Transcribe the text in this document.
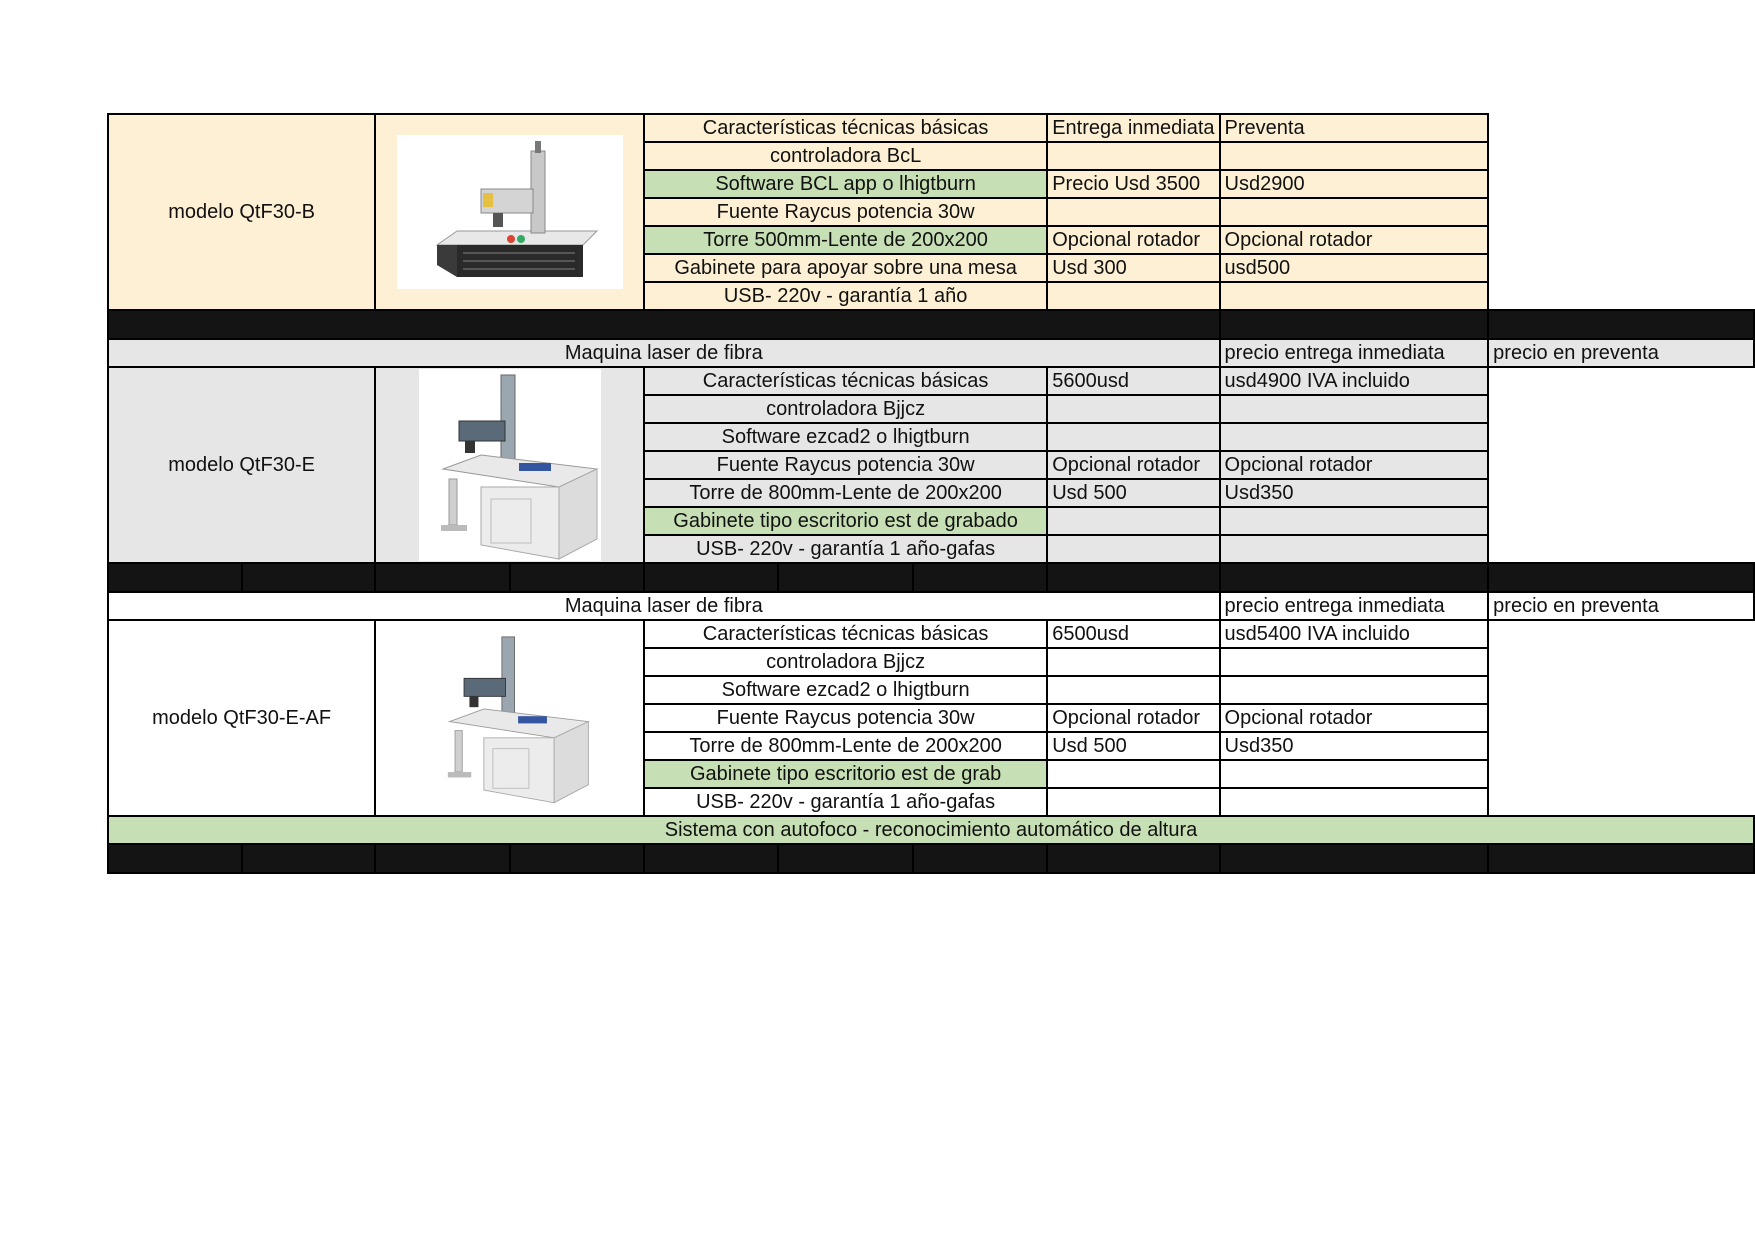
modelo QtF30-B				Características técnicas básicas			Entrega inmediata	Preventa	
				controladora BcL					
				Software BCL app o lhigtburn			Precio Usd 3500	Usd2900	
				Fuente Raycus potencia 30w					
				Torre 500mm-Lente de 200x200			Opcional rotador	Opcional rotador	
				Gabinete para apoyar sobre una mesa			Usd 300	usd500	
				USB- 220v - garantía 1 año					

Maquina laser de fibra								precio entrega inmediata	precio en preventa
modelo QtF30-E				Características técnicas básicas			5600usd	usd4900 IVA incluido	
				controladora Bjjcz					
				Software ezcad2 o lhigtburn					
				Fuente Raycus potencia 30w			Opcional rotador	Opcional rotador	
				Torre de 800mm-Lente de 200x200			Usd 500	Usd350	
				Gabinete tipo escritorio est de grabado					
				USB- 220v - garantía 1 año-gafas					

Maquina laser de fibra								precio entrega inmediata	precio en preventa
modelo QtF30-E-AF				Características técnicas básicas			6500usd	usd5400 IVA incluido	
				controladora Bjjcz					
				Software ezcad2 o lhigtburn					
				Fuente Raycus potencia 30w			Opcional rotador	Opcional rotador	
				Torre de 800mm-Lente de 200x200			Usd 500	Usd350	
				Gabinete tipo escritorio est de grab					
				USB- 220v - garantía 1 año-gafas					
Sistema con autofoco - reconocimiento automático de altura									
